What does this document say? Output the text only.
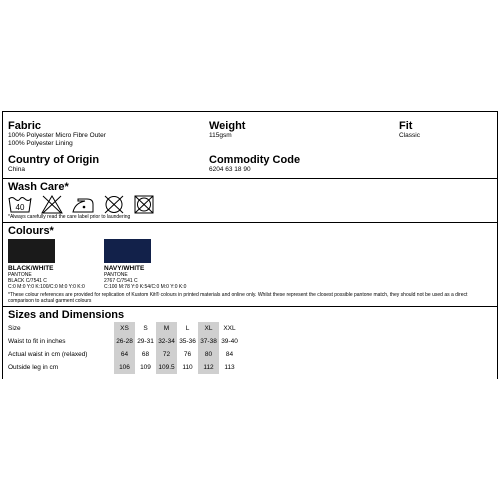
Fabric
100% Polyester Micro Fibre Outer
100% Polyester Lining
Weight
115gsm
Fit
Classic
Country of Origin
China
Commodity Code
6204 63 18 90
Wash Care*
40
*Always carefully read the care label prior to laundering
Colours*
BLACK/WHITE
PANTONE
BLACK C/7541 C
C:0 M:0 Y:0 K:100/C:0 M:0 Y:0 K:0
NAVY/WHITE
PANTONE
2767 C/7541 C
C:100 M:78 Y:0 K:54/C:0 M:0 Y:0 K:0
*These colour references are provided for replication of Kustom Kit® colours in printed materials and online only. Whilst these represent the closest possible pantone match, they should not be used as a direct comparison to actual garment colours
Sizes and Dimensions
Size	XS	S	M	L	XL	XXL
Waist to fit in inches	26-28	29-31	32-34	35-36	37-38	39-40
Actual waist in cm (relaxed)	64	68	72	76	80	84
Outside leg in cm	106	109	109.5	110	112	113
